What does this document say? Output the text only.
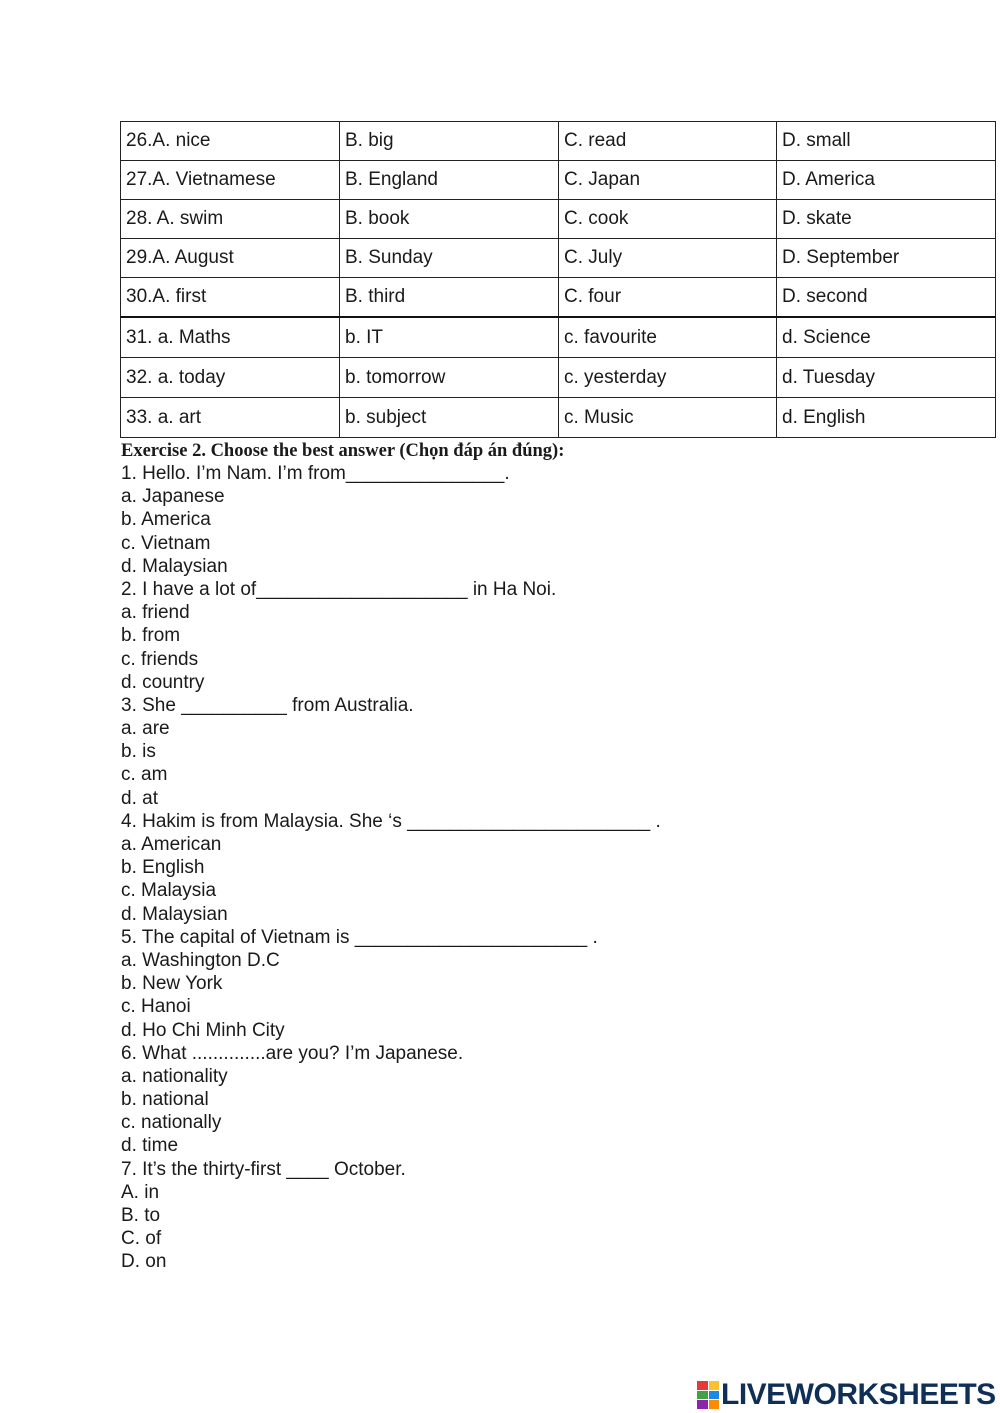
26.A. nice	B. big	C. read	D. small
27.A. Vietnamese	B. England	C. Japan	D. America
28. A. swim	B. book	C. cook	D. skate
29.A. August	B. Sunday	C. July	D. September
30.A. first	B. third	C. four	D. second
31. a. Maths	b. IT	c. favourite	d. Science
32. a. today	b. tomorrow	c. yesterday	d. Tuesday
33. a. art	b. subject	c. Music	d. English
Exercise 2. Choose the best answer (Chọn đáp án đúng):
1. Hello. I’m Nam. I’m from_______________.
a. Japanese
b. America
c. Vietnam
d. Malaysian
2. I have a lot of____________________ in Ha Noi.
a. friend
b. from
c. friends
d. country
3. She __________ from Australia.
a. are
b. is
c. am
d. at
4. Hakim is from Malaysia. She ‘s _______________________ .
a. American
b. English
c. Malaysia
d. Malaysian
5. The capital of Vietnam is ______________________ .
a. Washington D.C
b. New York
c. Hanoi
d. Ho Chi Minh City
6. What ..............are you? I’m Japanese.
a. nationality
b. national
c. nationally
d. time
7. It’s the thirty-first ____ October.
A. in
B. to
C. of
D. on
LIVEWORKSHEETS
